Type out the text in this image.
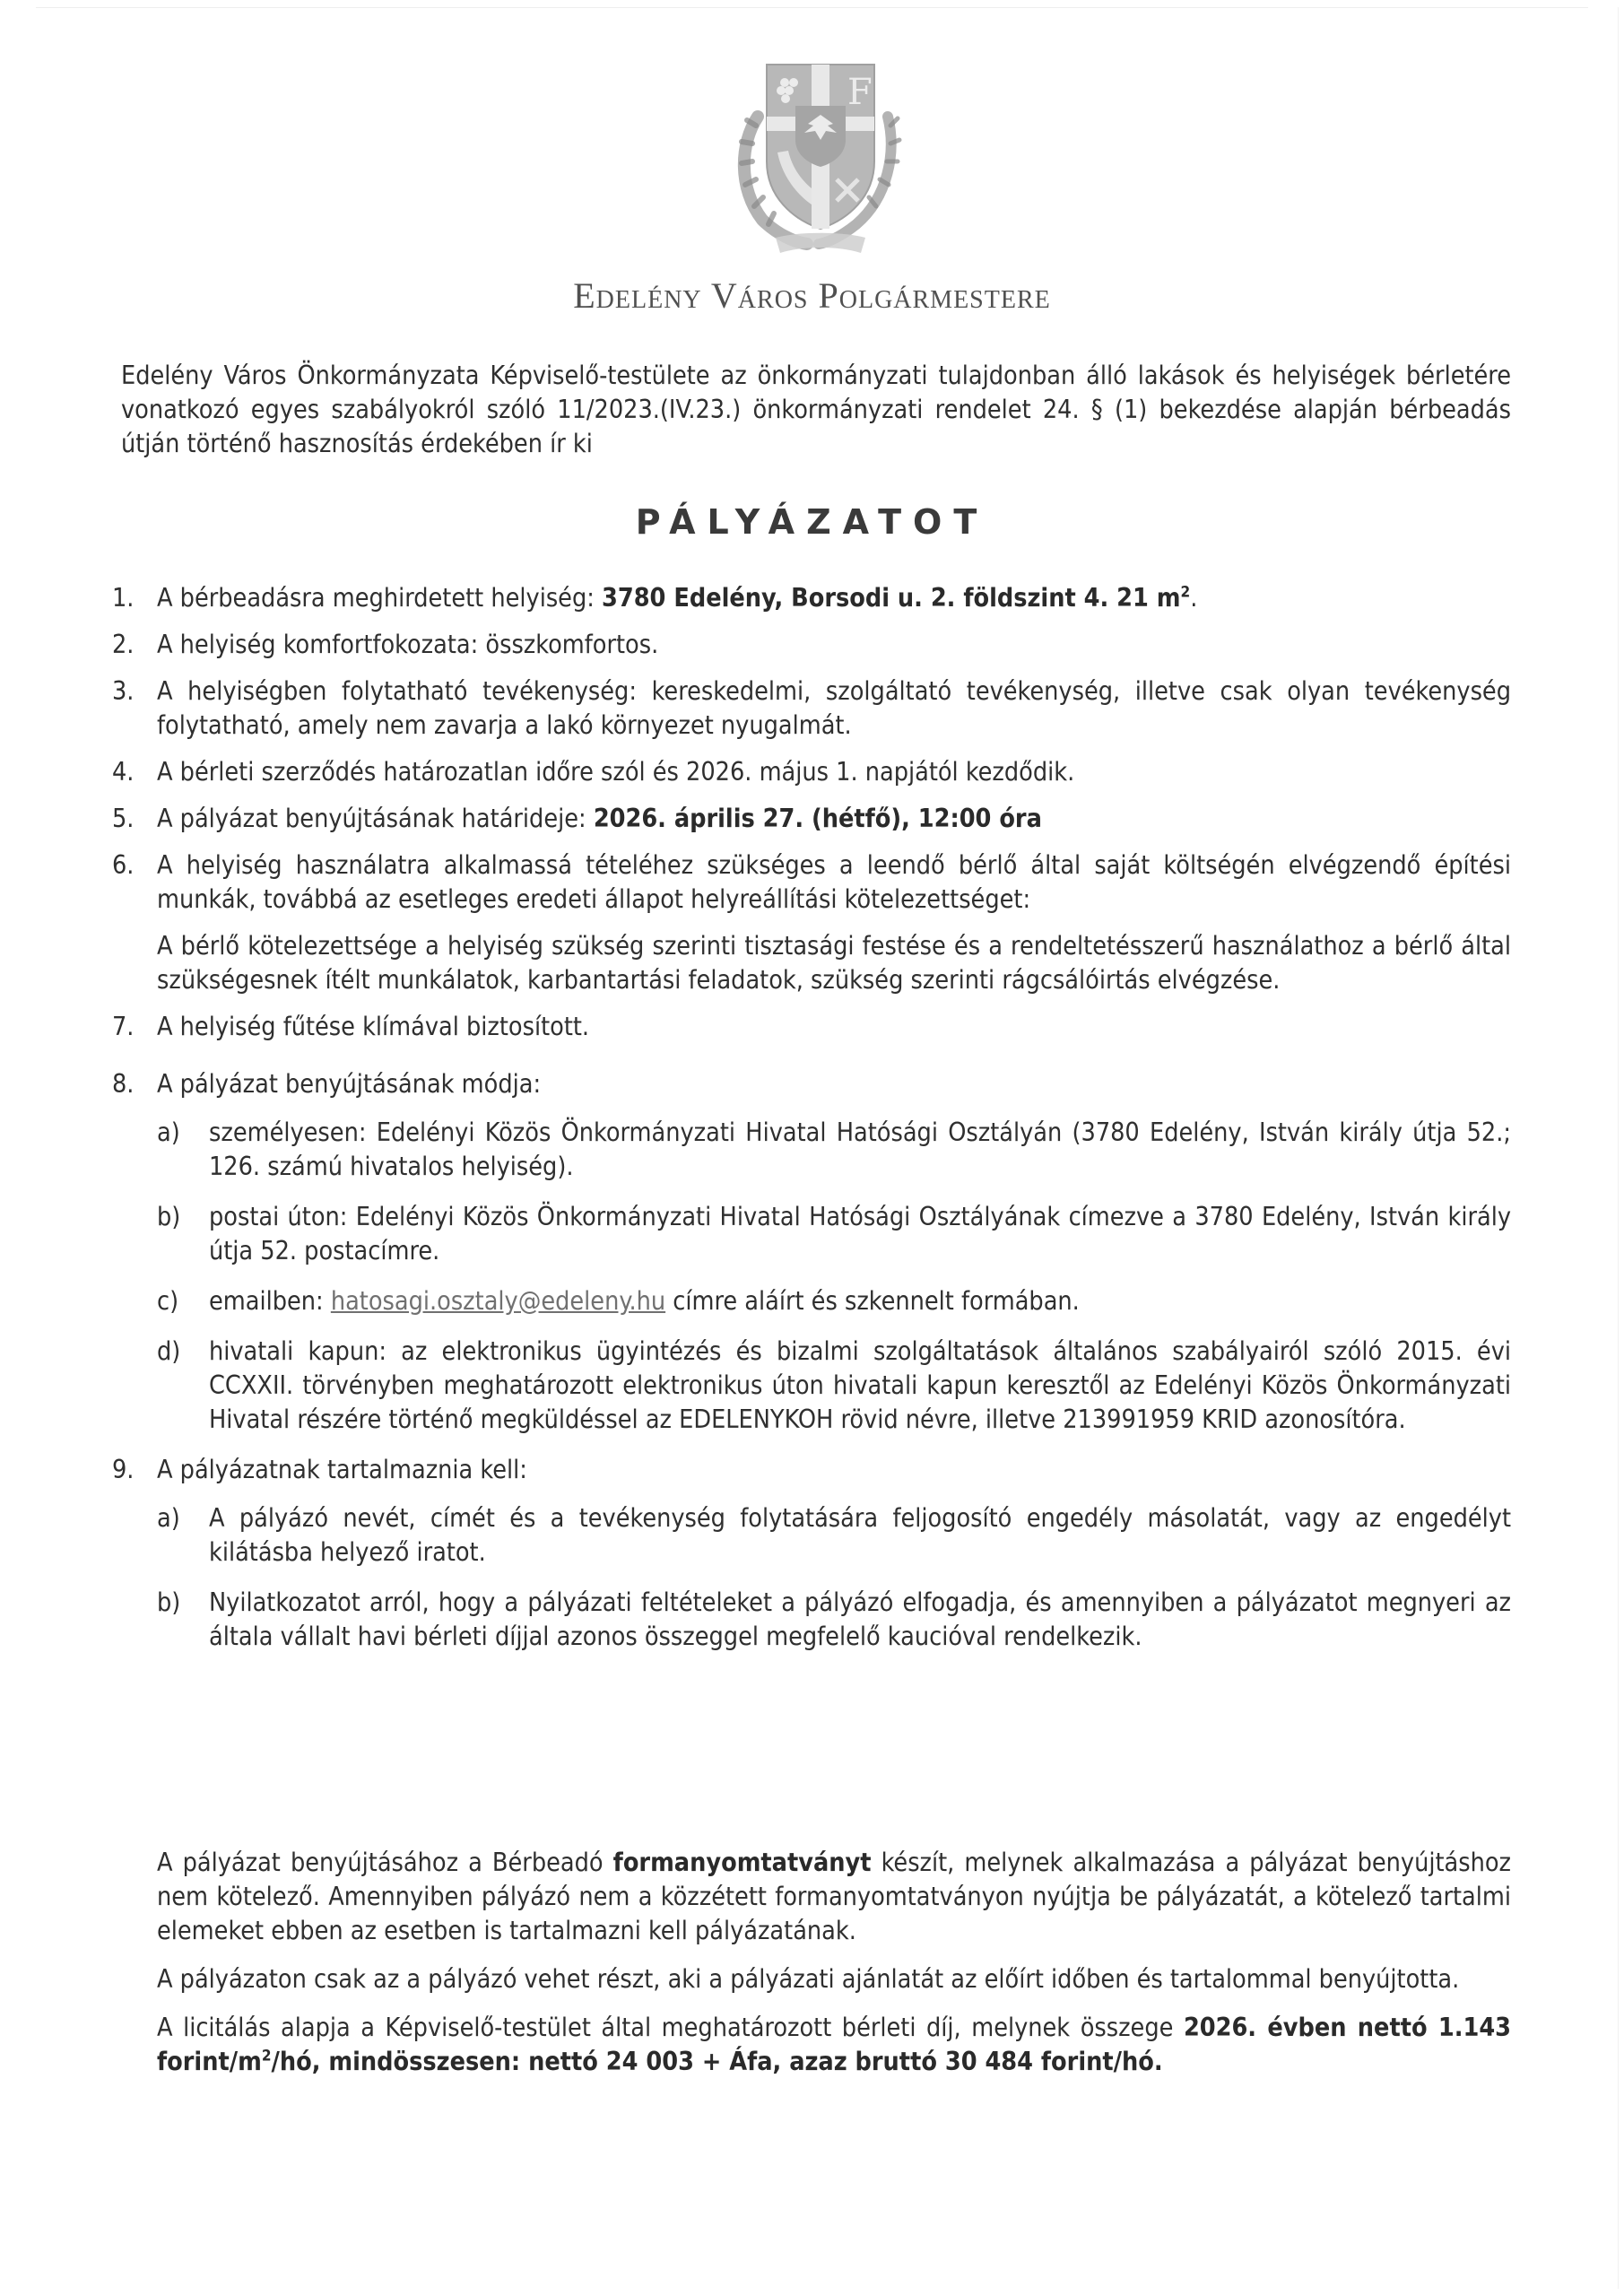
F
Edelény Város Polgármestere
Edelény Város Önkormányzata Képviselő-testülete az önkormányzati tulajdonban álló lakások és helyiségek bérletére vonatkozó egyes szabályokról szóló 11/2023.(IV.23.) önkormányzati rendelet 24. § (1) bekezdése alapján bérbeadás útján történő hasznosítás érdekében ír ki
PÁLYÁZATOT
1. A bérbeadásra meghirdetett helyiség: 3780 Edelény, Borsodi u. 2. földszint 4. 21 $m^2$.

2. A helyiség komfortfokozata: összkomfortos.

3. A helyiségben folytatható tevékenység: kereskedelmi, szolgáltató tevékenység, illetve csak olyan tevékenység folytatható, amely nem zavarja a lakó környezet nyugalmát.

4. A bérleti szerződés határozatlan időre szól és 2026. május 1. napjától kezdődik.

5. A pályázat benyújtásának határideje: 2026. április 27. (hétfő), 12:00 óra

6. A helyiség használatra alkalmassá tételéhez szükséges a leendő bérlő által saját költségén elvégzendő építési munkák, továbbá az esetleges eredeti állapot helyreállítási kötelezettséget:

A bérlő kötelezettsége a helyiség szükség szerinti tisztasági festése és a rendeltetésszerű használathoz a bérlő által szükségesnek ítélt munkálatok, karbantartási feladatok, szükség szerinti rágcsálóirtás elvégzése.

7. A helyiség fűtése klímával biztosított.

8. A pályázat benyújtásának módja:

a) személyesen: Edelényi Közös Önkormányzati Hivatal Hatósági Osztályán (3780 Edelény, István király útja 52.; 126. számú hivatalos helyiség).
b) postai úton: Edelényi Közös Önkormányzati Hivatal Hatósági Osztályának címezve a 3780 Edelény, István király útja 52. postacímre.
c) emailben: hatosagi.osztaly@edeleny.hu címre aláírt és szkennelt formában.
d) hivatali kapun: az elektronikus ügyintézés és bizalmi szolgáltatások általános szabályairól szóló 2015. évi CCXXII. törvényben meghatározott elektronikus úton hivatali kapun keresztől az Edelényi Közös Önkormányzati Hivatal részére történő megküldéssel az EDELENYKOH rövid névre, illetve 213991959 KRID azonosítóra.
9. A pályázatnak tartalmaznia kell:

a) A pályázó nevét, címét és a tevékenység folytatására feljogosító engedély másolatát, vagy az engedélyt kilátásba helyező iratot.
b) Nyilatkozatot arról, hogy a pályázati feltételeket a pályázó elfogadja, és amennyiben a pályázatot megnyeri az általa vállalt havi bérleti díjjal azonos összeggel megfelelő kaucióval rendelkezik.

A pályázat benyújtásához a Bérbeadó formanyomtatványt készít, melynek alkalmazása a pályázat benyújtáshoz nem kötelező. Amennyiben pályázó nem a közzétett formanyomtatványon nyújtja be pályázatát, a kötelező tartalmi elemeket ebben az esetben is tartalmazni kell pályázatának.

A pályázaton csak az a pályázó vehet részt, aki a pályázati ajánlatát az előírt időben és tartalommal benyújtotta.

A licitálás alapja a Képviselő-testület által meghatározott bérleti díj, melynek összege 2026. évben nettó 1.143 forint/$m^2/hó$, mindösszesen: nettó 24 003 + Áfa, azaz bruttó 30 484 forint/hó.
